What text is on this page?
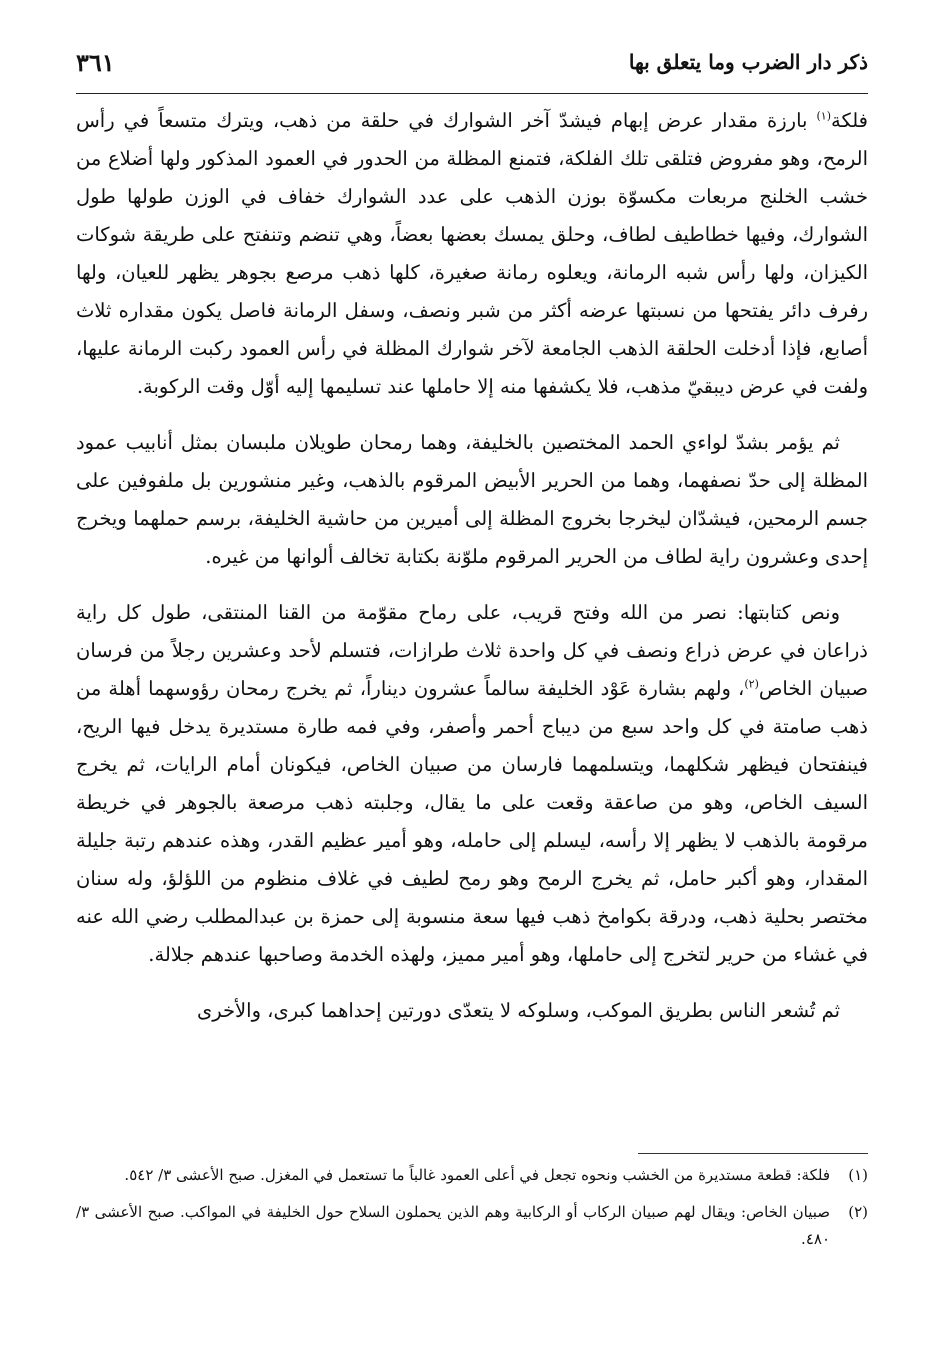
ذكر دار الضرب وما يتعلق بها
٣٦١

فلكة$^{(١)}$ بارزة مقدار عرض إبهام فيشدّ آخر الشوارك في حلقة من ذهب، ويترك متسعاً في رأس الرمح، وهو مفروض فتلقى تلك الفلكة، فتمنع المظلة من الحدور في العمود المذكور ولها أضلاع من خشب الخلنج مربعات مكسوّة بوزن الذهب على عدد الشوارك خفاف في الوزن طولها طول الشوارك، وفيها خطاطيف لطاف، وحلق يمسك بعضها بعضاً، وهي تنضم وتنفتح على طريقة شوكات الكيزان، ولها رأس شبه الرمانة، ويعلوه رمانة صغيرة، كلها ذهب مرصع بجوهر يظهر للعيان، ولها رفرف دائر يفتحها من نسبتها عرضه أكثر من شبر ونصف، وسفل الرمانة فاصل يكون مقداره ثلاث أصابع، فإذا أدخلت الحلقة الذهب الجامعة لآخر شوارك المظلة في رأس العمود ركبت الرمانة عليها، ولفت في عرض ديبقيّ مذهب، فلا يكشفها منه إلا حاملها عند تسليمها إليه أوّل وقت الركوبة.

ثم يؤمر بشدّ لواءي الحمد المختصين بالخليفة، وهما رمحان طويلان ملبسان بمثل أنابيب عمود المظلة إلى حدّ نصفهما، وهما من الحرير الأبيض المرقوم بالذهب، وغير منشورين بل ملفوفين على جسم الرمحين، فيشدّان ليخرجا بخروج المظلة إلى أميرين من حاشية الخليفة، برسم حملهما ويخرج إحدى وعشرون راية لطاف من الحرير المرقوم ملوّنة بكتابة تخالف ألوانها من غيره.

ونص كتابتها: نصر من الله وفتح قريب، على رماح مقوّمة من القنا المنتقى، طول كل راية ذراعان في عرض ذراع ونصف في كل واحدة ثلاث طرازات، فتسلم لأحد وعشرين رجلاً من فرسان صبيان الخاص$^{(٢)}$، ولهم بشارة عَوْد الخليفة سالماً عشرون ديناراً، ثم يخرج رمحان رؤوسهما أهلة من ذهب صامتة في كل واحد سبع من ديباج أحمر وأصفر، وفي فمه طارة مستديرة يدخل فيها الريح، فينفتحان فيظهر شكلهما، ويتسلمهما فارسان من صبيان الخاص، فيكونان أمام الرايات، ثم يخرج السيف الخاص، وهو من صاعقة وقعت على ما يقال، وجلبته ذهب مرصعة بالجوهر في خريطة مرقومة بالذهب لا يظهر إلا رأسه، ليسلم إلى حامله، وهو أمير عظيم القدر، وهذه عندهم رتبة جليلة المقدار، وهو أكبر حامل، ثم يخرج الرمح وهو رمح لطيف في غلاف منظوم من اللؤلؤ، وله سنان مختصر بحلية ذهب، ودرقة بكوامخ ذهب فيها سعة منسوبة إلى حمزة بن عبدالمطلب رضي الله عنه في غشاء من حرير لتخرج إلى حاملها، وهو أمير مميز، ولهذه الخدمة وصاحبها عندهم جلالة.

ثم تُشعر الناس بطريق الموكب، وسلوكه لا يتعدّى دورتين إحداهما كبرى، والأخرى

(١)
فلكة: قطعة مستديرة من الخشب ونحوه تجعل في أعلى العمود غالباً ما تستعمل في المغزل. صبح الأعشى ٣/ ٥٤٢.
(٢)
صبيان الخاص: ويقال لهم صبيان الركاب أو الركابية وهم الذين يحملون السلاح حول الخليفة في المواكب. صبح الأعشى ٣/ ٤٨٠.
